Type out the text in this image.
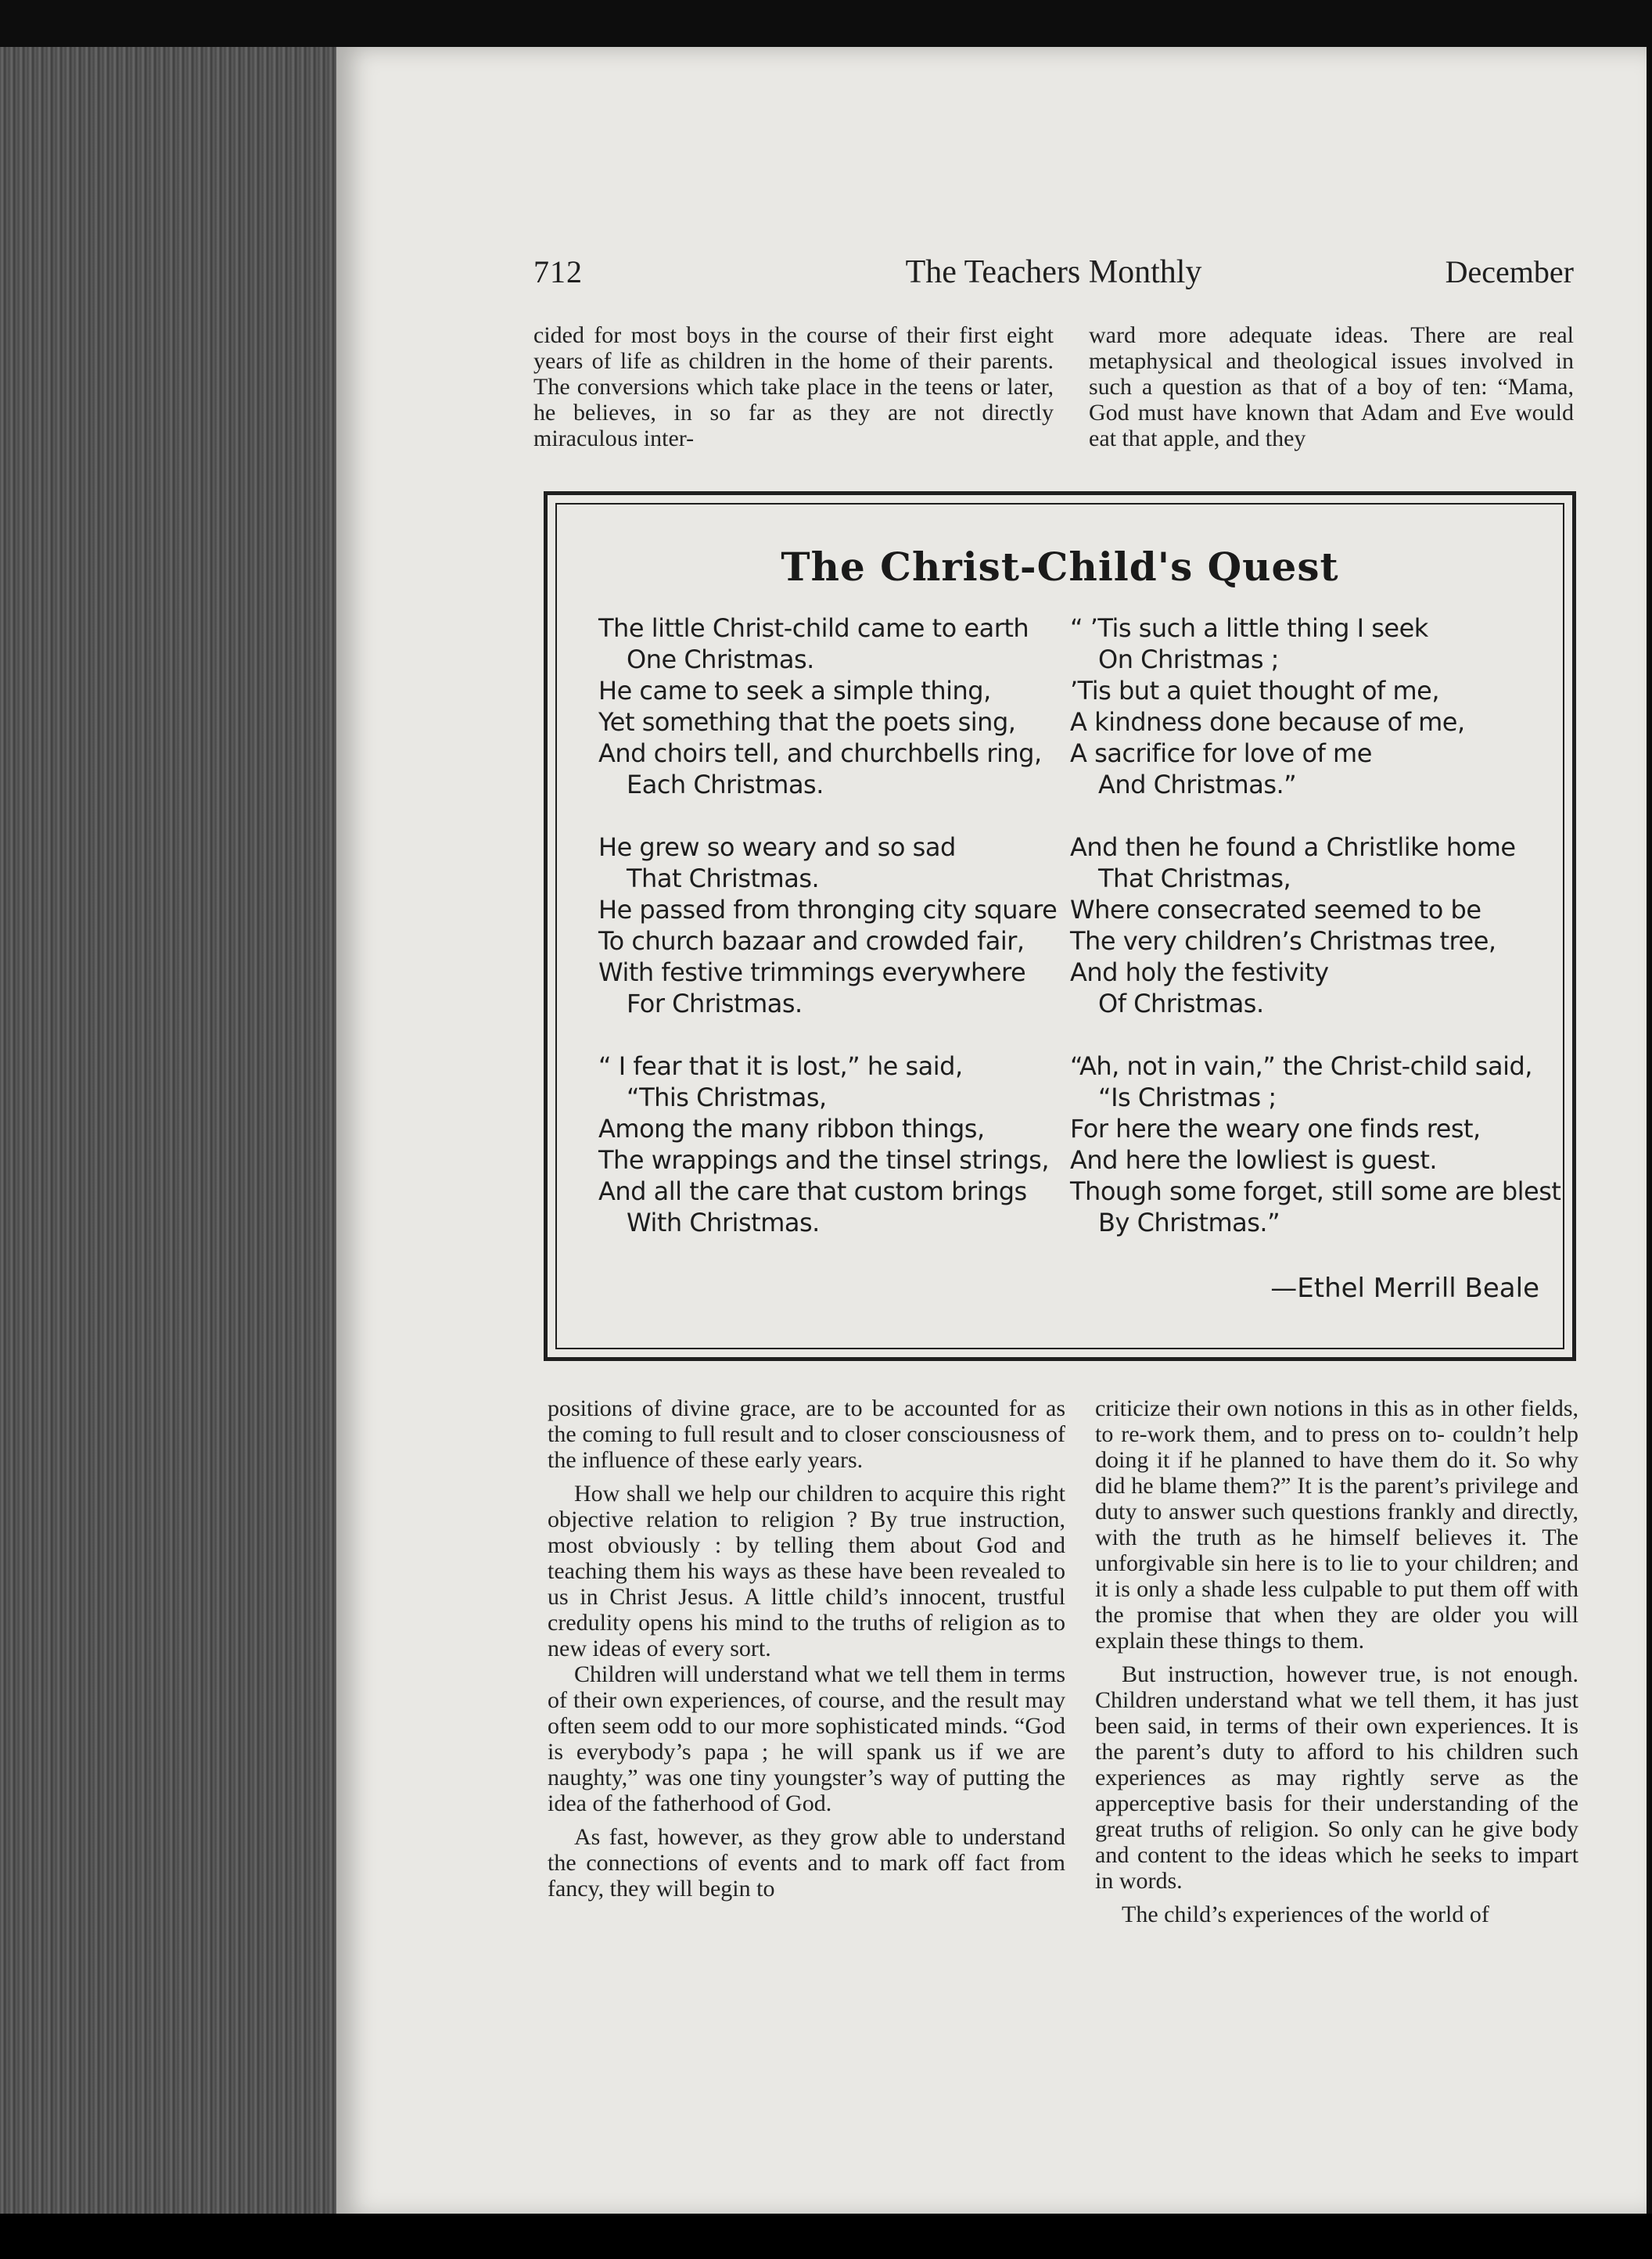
The Teachers Monthly
712	December

cided for most boys in the course of their first eight years of life as children in the home of their parents. The conversions which take place in the teens or later, he believes, in so far as they are not directly miraculous inter-

ward more adequate ideas. There are real metaphysical and theological issues involved in such a question as that of a boy of ten: “Mama, God must have known that Adam and Eve would eat that apple, and they

The Christ-Child's Quest
The little Christ-child came to earth
One Christmas.
He came to seek a simple thing,
Yet something that the poets sing,
And choirs tell, and churchbells ring,
Each Christmas.
He grew so weary and so sad
That Christmas.
He passed from thronging city square
To church bazaar and crowded fair,
With festive trimmings everywhere
For Christmas.
“ I fear that it is lost,” he said,
“This Christmas,
Among the many ribbon things,
The wrappings and the tinsel strings,
And all the care that custom brings
With Christmas.
“ ’Tis such a little thing I seek
On Christmas ;
’Tis but a quiet thought of me,
A kindness done because of me,
A sacrifice for love of me
And Christmas.”
And then he found a Christlike home
That Christmas,
Where consecrated seemed to be
The very children’s Christmas tree,
And holy the festivity
Of Christmas.
“Ah, not in vain,” the Christ-child said,
“Is Christmas ;
For here the weary one finds rest,
And here the lowliest is guest.
Though some forget, still some are blest
By Christmas.”
—Ethel Merrill Beale

positions of divine grace, are to be accounted for as the coming to full result and to closer consciousness of the influence of these early years.

How shall we help our children to acquire this right objective relation to religion ? By true instruction, most obviously : by telling them about God and teaching them his ways as these have been revealed to us in Christ Jesus. A little child’s innocent, trustful credulity opens his mind to the truths of religion as to new ideas of every sort.

Children will understand what we tell them in terms of their own experiences, of course, and the result may often seem odd to our more sophisticated minds. “God is everybody’s papa ; he will spank us if we are naughty,” was one tiny youngster’s way of putting the idea of the fatherhood of God.

As fast, however, as they grow able to understand the connections of events and to mark off fact from fancy, they will begin to

criticize their own notions in this as in other fields, to re-work them, and to press on to- couldn’t help doing it if he planned to have them do it. So why did he blame them?” It is the parent’s privilege and duty to answer such questions frankly and directly, with the truth as he himself believes it. The unforgivable sin here is to lie to your children; and it is only a shade less culpable to put them off with the promise that when they are older you will explain these things to them.

But instruction, however true, is not enough. Children understand what we tell them, it has just been said, in terms of their own experiences. It is the parent’s duty to afford to his children such experiences as may rightly serve as the apperceptive basis for their understanding of the great truths of religion. So only can he give body and content to the ideas which he seeks to impart in words.

The child’s experiences of the world of
